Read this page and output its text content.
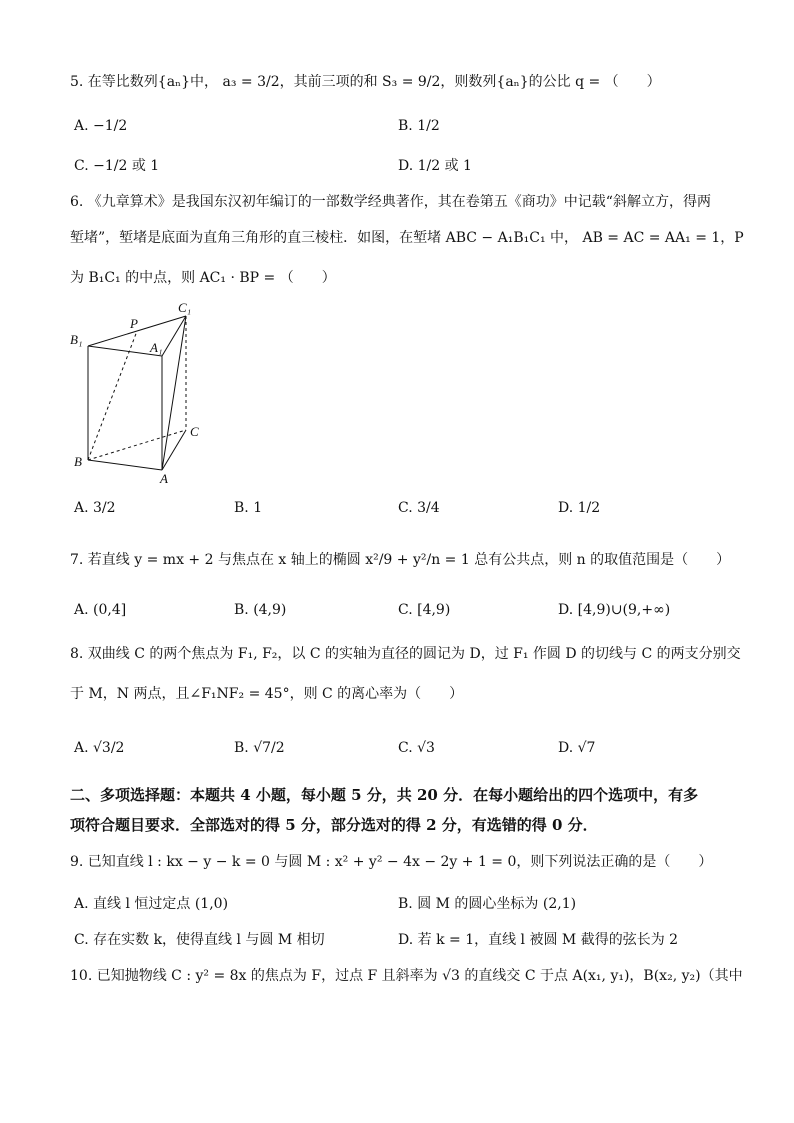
5. 在等比数列{aₙ}中， a₃ = 3/2，其前三项的和 S₃ = 9/2，则数列{aₙ}的公比 q = （　　）
A. −1/2	B. 1/2
C. −1/2 或 1	D. 1/2 或 1
6. 《九章算术》是我国东汉初年编订的一部数学经典著作，其在卷第五《商功》中记载“斜解立方，得两
堑堵”，堑堵是底面为直角三角形的直三棱柱．如图，在堑堵 ABC − A₁B₁C₁ 中， AB = AC = AA₁ = 1，P
为 B₁C₁ 的中点，则 AC₁ · BP = （　　）
C₁
P
B₁
A₁
C
B
A
A. 3/2	B. 1	C. 3/4	D. 1/2
7. 若直线 y = mx + 2 与焦点在 x 轴上的椭圆 x²/9 + y²/n = 1 总有公共点，则 n 的取值范围是（　　）
A. (0,4]	B. (4,9)	C. [4,9)	D. [4,9)∪(9,+∞)
8. 双曲线 C 的两个焦点为 F₁, F₂，以 C 的实轴为直径的圆记为 D，过 F₁ 作圆 D 的切线与 C 的两支分别交
于 M，N 两点，且∠F₁NF₂ = 45°，则 C 的离心率为（　　）
A. √3/2	B. √7/2	C. √3	D. √7
二、多项选择题：本题共 4 小题，每小题 5 分，共 20 分．在每小题给出的四个选项中，有多
项符合题目要求．全部选对的得 5 分，部分选对的得 2 分，有选错的得 0 分．
9. 已知直线 l : kx − y − k = 0 与圆 M : x² + y² − 4x − 2y + 1 = 0，则下列说法正确的是（　　）
A. 直线 l 恒过定点 (1,0)	B. 圆 M 的圆心坐标为 (2,1)
C. 存在实数 k，使得直线 l 与圆 M 相切	D. 若 k = 1，直线 l 被圆 M 截得的弦长为 2
10. 已知抛物线 C : y² = 8x 的焦点为 F，过点 F 且斜率为 √3 的直线交 C 于点 A(x₁, y₁)，B(x₂, y₂)（其中
